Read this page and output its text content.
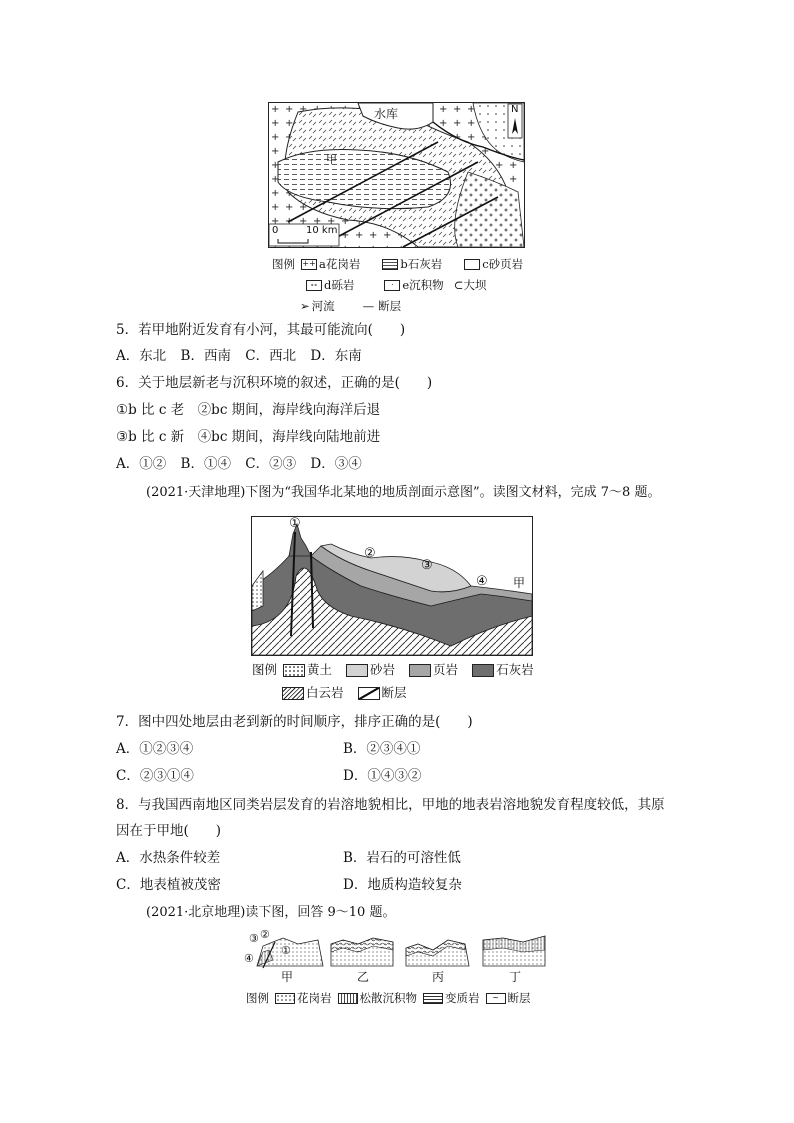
水库
甲
N
0	10 km
图例 ++ a花岗岩	b石灰岩	c砂页岩
∘∘ d砾岩	· e沉积物 ⊂ 大坝
➢ 河流 — 断层
5．若甲地附近发育有小河，其最可能流向(　　)
A．东北 B．西南 C．西北 D．东南
6．关于地层新老与沉积环境的叙述，正确的是(　　)
①b 比 c 老　②bc 期间，海岸线向海洋后退
③b 比 c 新　④bc 期间，海岸线向陆地前进
A．①② B．①④ C．②③ D．③④
(2021·天津地理)下图为“我国华北某地的地质剖面示意图”。读图文材料，完成 7～8 题。
①
②
③
④ 甲
图例 黄土	砂岩	页岩	石灰岩
白云岩	断层
7．图中四处地层由老到新的时间顺序，排序正确的是(　　)
A．①②③④	B．②③④①
C．②③①④	D．①④③②
8．与我国西南地区同类岩层发育的岩溶地貌相比，甲地的地表岩溶地貌发育程度较低，其原
因在于甲地(　　)
A．水热条件较差	B．岩石的可溶性低
C．地表植被茂密	D．地质构造较复杂
(2021·北京地理)读下图，回答 9～10 题。
③ ②
①
④
甲	乙	丙	丁
图例 花岗岩 松散沉积物 变质岩	~ 断层
